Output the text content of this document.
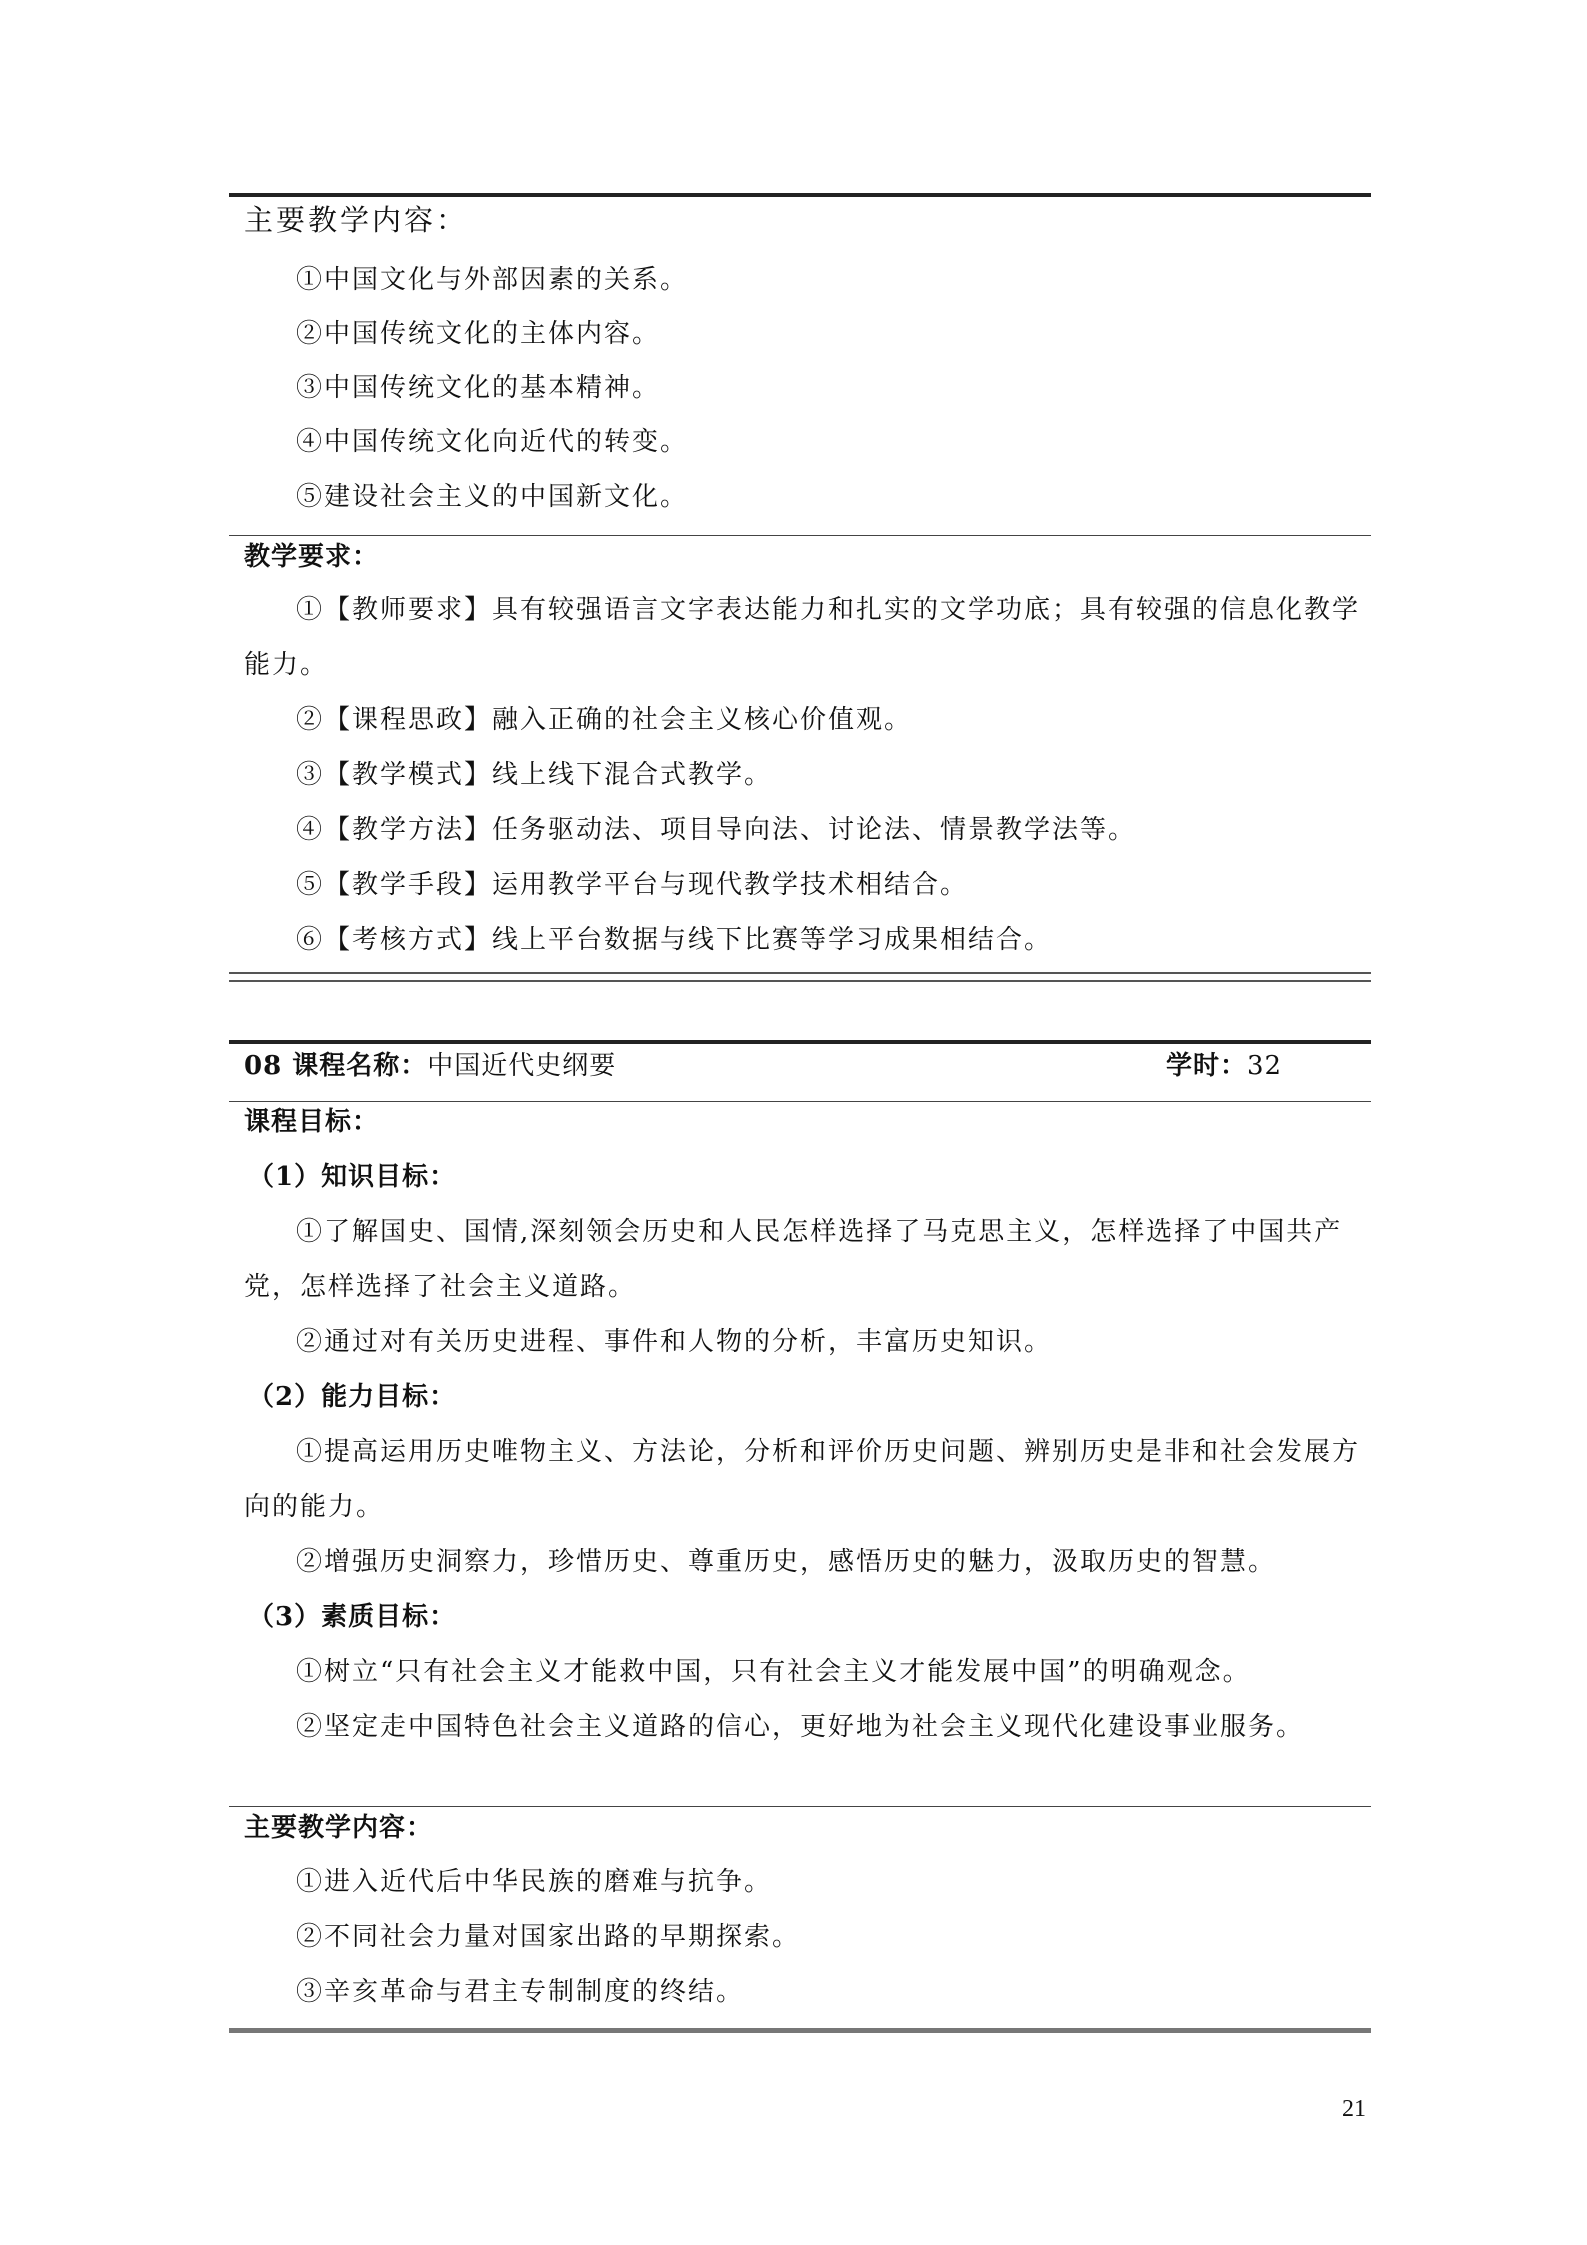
主要教学内容：
①中国文化与外部因素的关系。
②中国传统文化的主体内容。
③中国传统文化的基本精神。
④中国传统文化向近代的转变。
⑤建设社会主义的中国新文化。
教学要求：
①【教师要求】具有较强语言文字表达能力和扎实的文学功底；具有较强的信息化教学
能力。
②【课程思政】融入正确的社会主义核心价值观。
③【教学模式】线上线下混合式教学。
④【教学方法】任务驱动法、项目导向法、讨论法、情景教学法等。
⑤【教学手段】运用教学平台与现代教学技术相结合。
⑥【考核方式】线上平台数据与线下比赛等学习成果相结合。
08 课程名称：中国近代史纲要	学时：32
课程目标：
（1）知识目标：
①了解国史、国情,深刻领会历史和人民怎样选择了马克思主义，怎样选择了中国共产
党，怎样选择了社会主义道路。
②通过对有关历史进程、事件和人物的分析，丰富历史知识。
（2）能力目标：
①提高运用历史唯物主义、方法论，分析和评价历史问题、辨别历史是非和社会发展方
向的能力。
②增强历史洞察力，珍惜历史、尊重历史，感悟历史的魅力，汲取历史的智慧。
（3）素质目标：
①树立“只有社会主义才能救中国，只有社会主义才能发展中国”的明确观念。
②坚定走中国特色社会主义道路的信心，更好地为社会主义现代化建设事业服务。
主要教学内容：
①进入近代后中华民族的磨难与抗争。
②不同社会力量对国家出路的早期探索。
③辛亥革命与君主专制制度的终结。
21
